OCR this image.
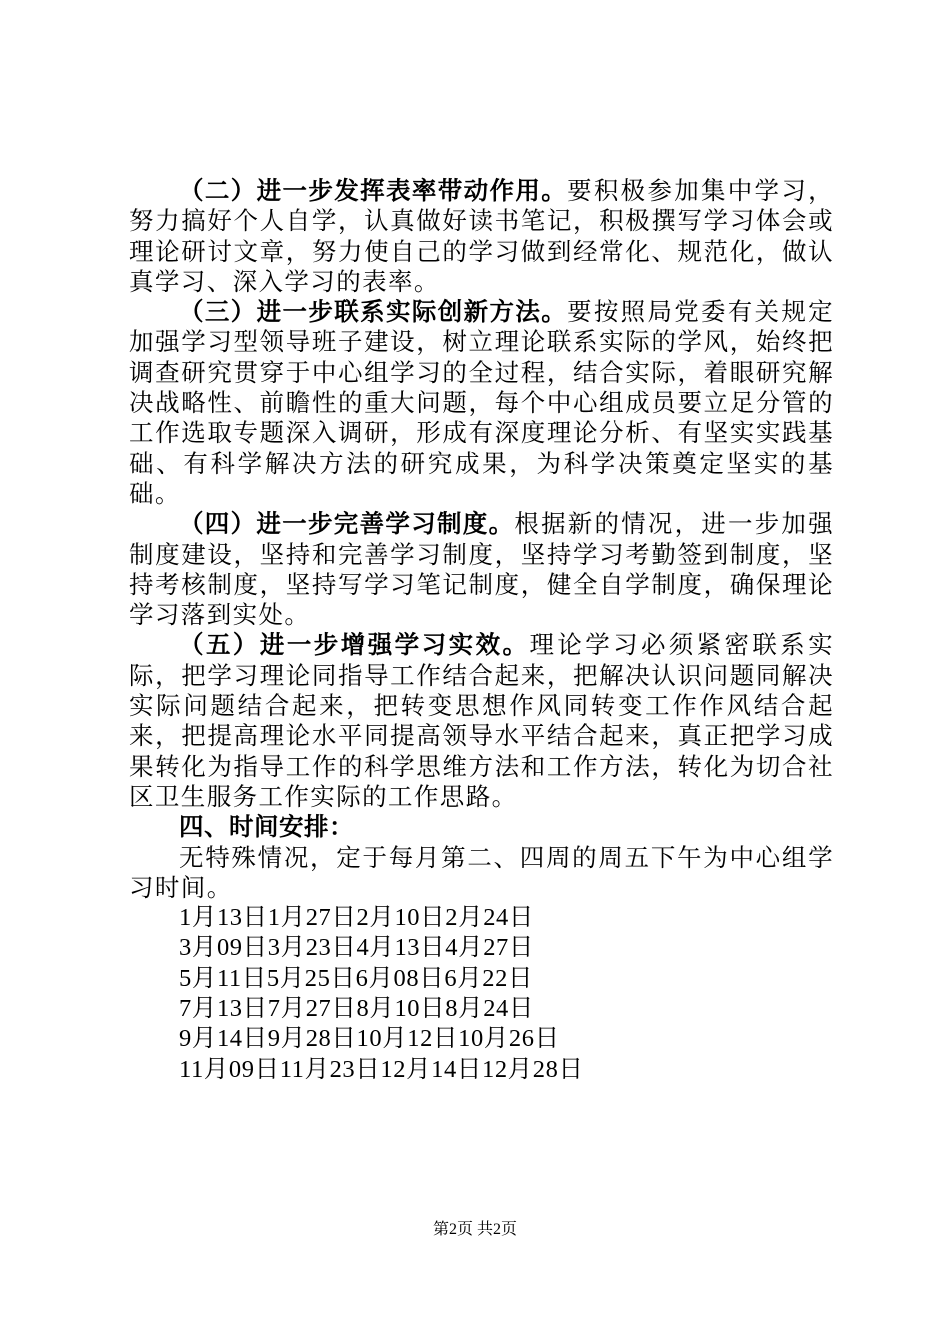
（二）进一步发挥表率带动作用。要积极参加集中学习，努力搞好个人自学，认真做好读书笔记，积极撰写学习体会或理论研讨文章，努力使自己的学习做到经常化、规范化，做认真学习、深入学习的表率。

（三）进一步联系实际创新方法。要按照局党委有关规定加强学习型领导班子建设，树立理论联系实际的学风，始终把调查研究贯穿于中心组学习的全过程，结合实际，着眼研究解决战略性、前瞻性的重大问题，每个中心组成员要立足分管的工作选取专题深入调研，形成有深度理论分析、有坚实实践基础、有科学解决方法的研究成果，为科学决策奠定坚实的基础。

（四）进一步完善学习制度。根据新的情况，进一步加强制度建设，坚持和完善学习制度，坚持学习考勤签到制度，坚持考核制度，坚持写学习笔记制度，健全自学制度，确保理论学习落到实处。

（五）进一步增强学习实效。理论学习必须紧密联系实际，把学习理论同指导工作结合起来，把解决认识问题同解决实际问题结合起来，把转变思想作风同转变工作作风结合起来，把提高理论水平同提高领导水平结合起来，真正把学习成果转化为指导工作的科学思维方法和工作方法，转化为切合社区卫生服务工作实际的工作思路。

四、时间安排：

无特殊情况，定于每月第二、四周的周五下午为中心组学习时间。

1月13日1月27日2月10日2月24日

3月09日3月23日4月13日4月27日

5月11日5月25日6月08日6月22日

7月13日7月27日8月10日8月24日

9月14日9月28日10月12日10月26日

11月09日11月23日12月14日12月28日

第2页 共2页
